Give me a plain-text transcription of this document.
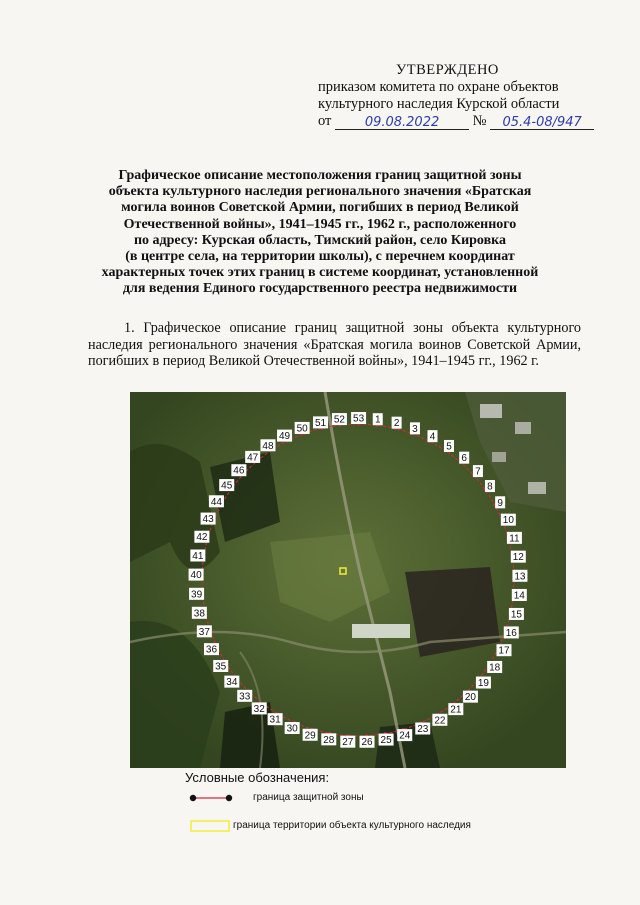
УТВЕРЖДЕНО
приказом комитета по охране объектов
культурного наследия Курской области
от	09.08.2022 № 05.4-08/947
Графическое описание местоположения границ защитной зоны
объекта культурного наследия регионального значения «Братская
могила воинов Советской Армии, погибших в период Великой
Отечественной войны», 1941–1945 гг., 1962 г., расположенного
по адресу: Курская область, Тимский район, село Кировка
(в центре села, на территории школы), с перечнем координат
характерных точек этих границ в системе координат, установленной
для ведения Единого государственного реестра недвижимости
1. Графическое описание границ защитной зоны объекта культурного наследия регионального значения «Братская могила воинов Советской Армии, погибших в период Великой Отечественной войны», 1941–1945 гг., 1962 г.
1 2
3
4
5
6
7
8
9
10
11
12
13
14
15
16
17
18
19
20
21
22
23
24
25
26
27
28
29
30
31
32
33
34
35
36
37
38
39
40
41
42
43
44
45
46
47
48
49
50
51 52 53
Условные обозначения:
граница защитной зоны
граница территории объекта культурного наследия
